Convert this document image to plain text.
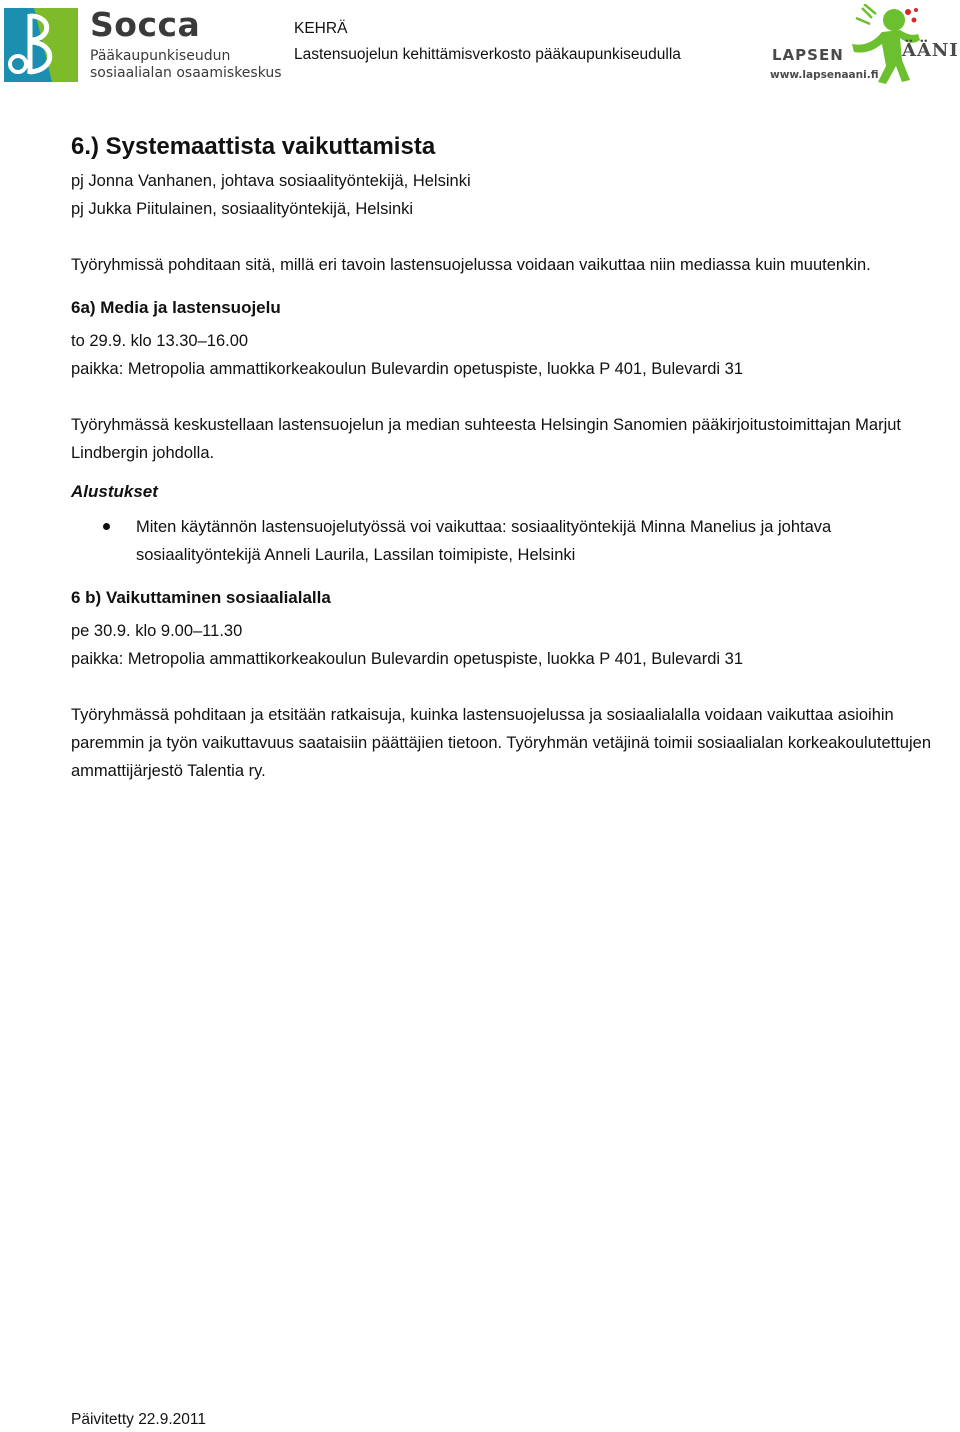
Socca
Pääkaupunkiseudun
sosiaalialan osaamiskeskus
KEHRÄ
Lastensuojelun kehittämisverkosto pääkaupunkiseudulla	LAPSEN	ÄÄNI
www.lapsenaani.fi
6.) Systemaattista vaikuttamista

pj Jonna Vanhanen, johtava sosiaalityöntekijä, Helsinki

pj Jukka Piitulainen, sosiaalityöntekijä, Helsinki

Työryhmissä pohditaan sitä, millä eri tavoin lastensuojelussa voidaan vaikuttaa niin mediassa kuin muutenkin.

6a) Media ja lastensuojelu

to 29.9. klo 13.30–16.00

paikka: Metropolia ammattikorkeakoulun Bulevardin opetuspiste, luokka P 401, Bulevardi 31

Työryhmässä keskustellaan lastensuojelun ja median suhteesta Helsingin Sanomien pääkirjoitustoimittajan Marjut Lindbergin johdolla.

Alustukset
Miten käytännön lastensuojelutyössä voi vaikuttaa: sosiaalityöntekijä Minna Manelius ja johtava sosiaalityöntekijä Anneli Laurila, Lassilan toimipiste, Helsinki
6 b) Vaikuttaminen sosiaalialalla

pe 30.9. klo 9.00–11.30

paikka: Metropolia ammattikorkeakoulun Bulevardin opetuspiste, luokka P 401, Bulevardi 31

Työryhmässä pohditaan ja etsitään ratkaisuja, kuinka lastensuojelussa ja sosiaalialalla voidaan vaikuttaa asioihin paremmin ja työn vaikuttavuus saataisiin päättäjien tietoon. Työryhmän vetäjinä toimii sosiaalialan korkeakoulutettujen ammattijärjestö Talentia ry.

Päivitetty 22.9.2011
